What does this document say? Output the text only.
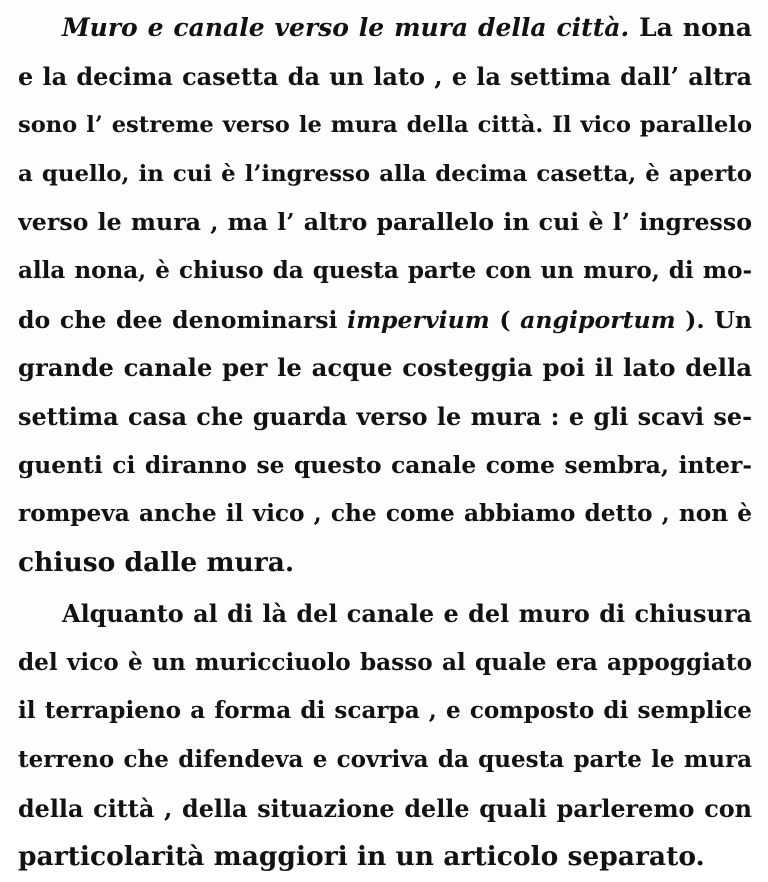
Muro e canale verso le mura della città. La nona
e la decima casetta da un lato , e la settima dall’ altra
sono l’ estreme verso le mura della città. Il vico parallelo
a quello, in cui è l’ingresso alla decima casetta, è aperto
verso le mura , ma l’ altro parallelo in cui è l’ ingresso
alla nona, è chiuso da questa parte con un muro, di mo-
do che dee denominarsi impervium ( angiportum ). Un
grande canale per le acque costeggia poi il lato della
settima casa che guarda verso le mura : e gli scavi se-
guenti ci diranno se questo canale come sembra, inter-
rompeva anche il vico , che come abbiamo detto , non è
chiuso dalle mura.
Alquanto al di là del canale e del muro di chiusura
del vico è un muricciuolo basso al quale era appoggiato
il terrapieno a forma di scarpa , e composto di semplice
terreno che difendeva e covriva da questa parte le mura
della città , della situazione delle quali parleremo con
particolarità maggiori in un articolo separato.
